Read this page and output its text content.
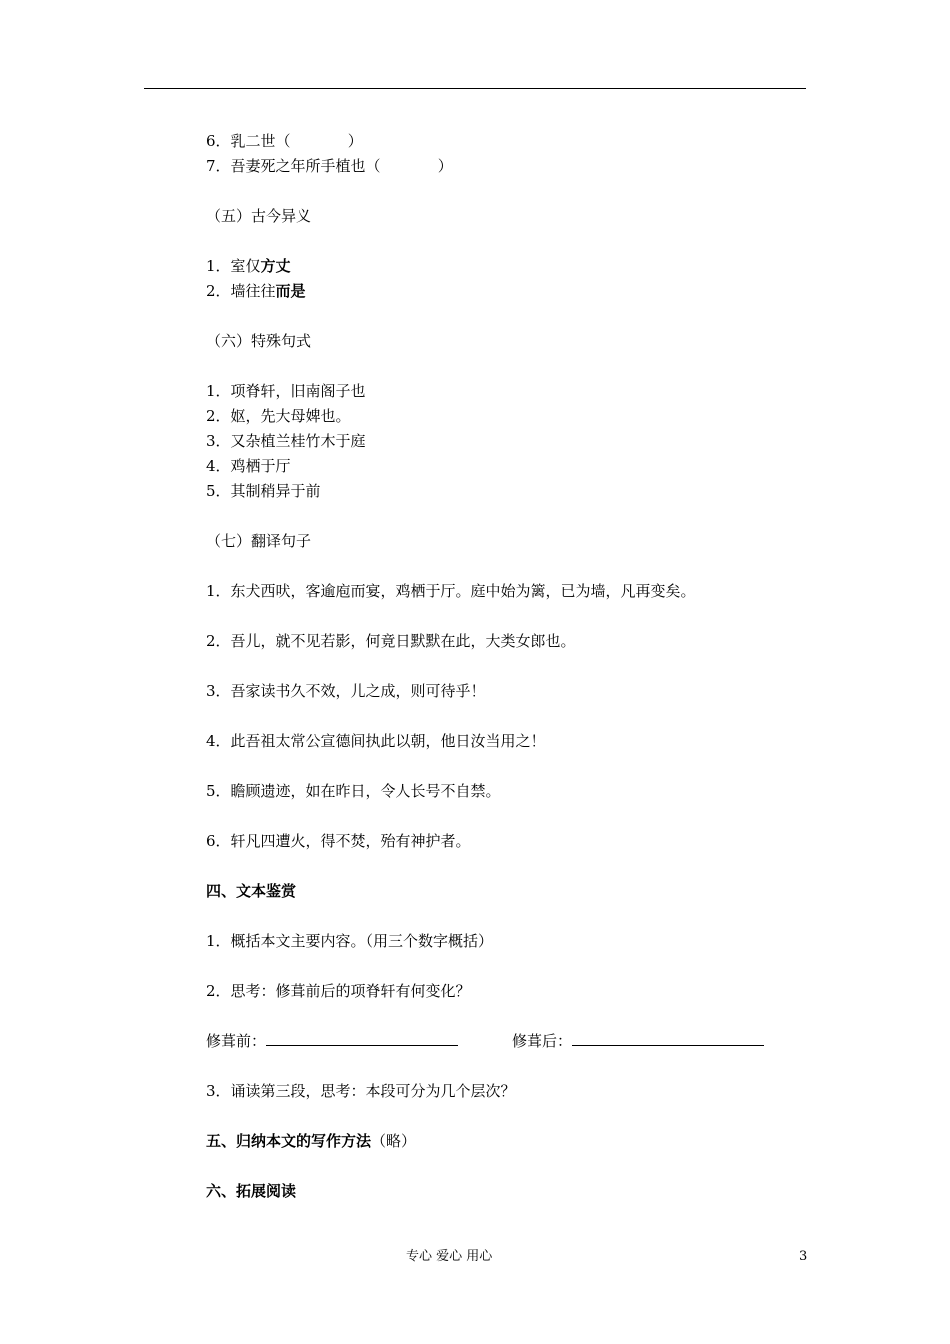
6．乳二世（            ）
7．吾妻死之年所手植也（            ）
（五）古今异义
1．室仅方丈
2．墙往往而是
（六）特殊句式
1．项脊轩，旧南阁子也
2．妪，先大母婢也。
3．又杂植兰桂竹木于庭
4．鸡栖于厅
5．其制稍异于前
（七）翻译句子
1．东犬西吠，客逾庖而宴，鸡栖于厅。庭中始为篱，已为墙，凡再变矣。
2．吾儿，就不见若影，何竟日默默在此，大类女郎也。
3．吾家读书久不效，儿之成，则可待乎！
4．此吾祖太常公宣德间执此以朝，他日汝当用之！
5．瞻顾遗迹，如在昨日，令人长号不自禁。
6．轩凡四遭火，得不焚，殆有神护者。
四、文本鉴赏
1．概括本文主要内容。（用三个数字概括）
2．思考：修葺前后的项脊轩有何变化？
修葺前：	修葺后：
3．诵读第三段，思考：本段可分为几个层次？
五、归纳本文的写作方法（略）
六、拓展阅读
专心 爱心 用心	3
